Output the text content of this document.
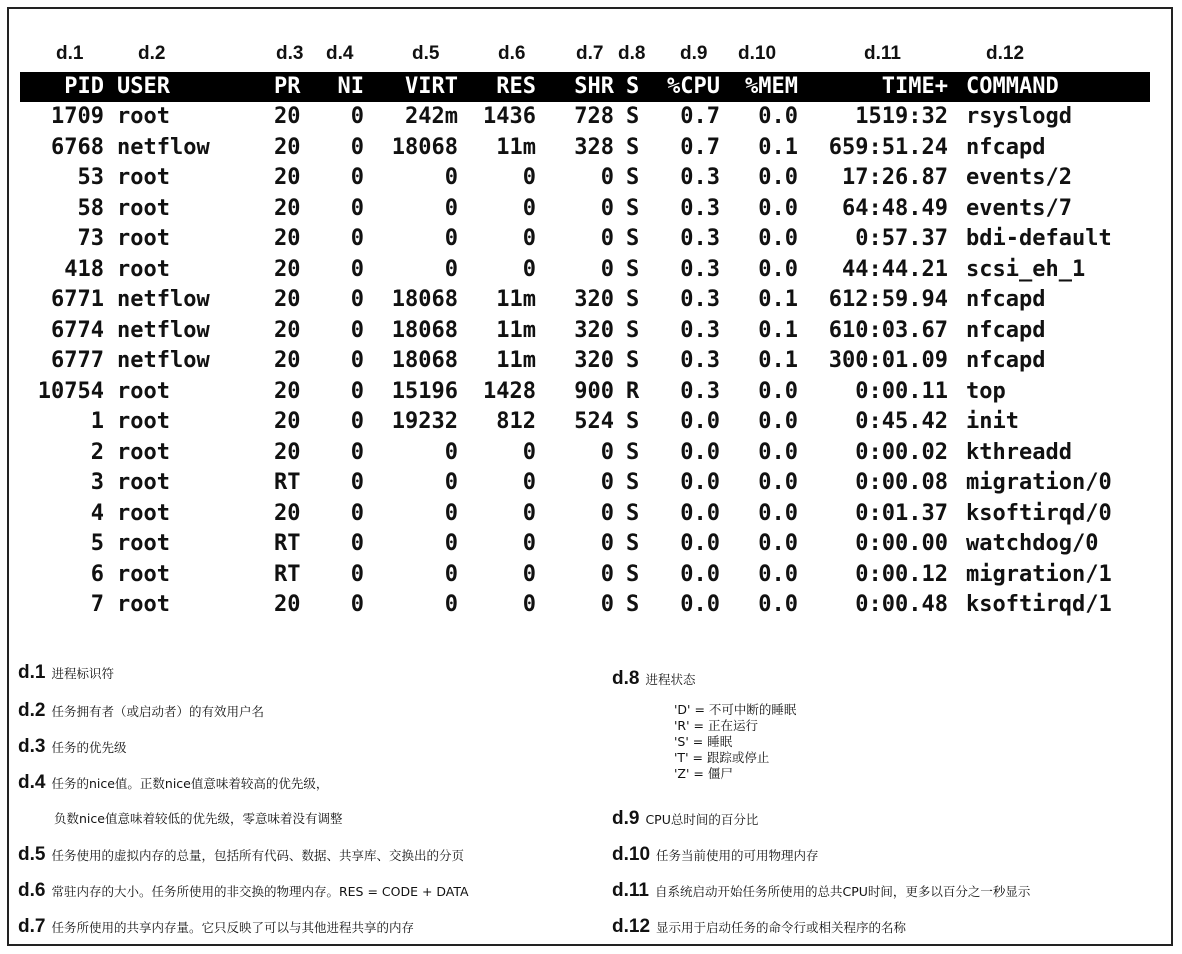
d.1	d.2	d.3 d.4	d.5	d.6	d.7 d.8 d.9 d.10	d.11	d.12
PID USER	PR	NI	VIRT	RES	SHR S	%CPU	%MEM	TIME+ COMMAND
1709 root	20	0	242m	1436	728 S	0.7	0.0	1519:32 rsyslogd
6768 netflow	20	0	18068	11m	328 S	0.7	0.1	659:51.24 nfcapd
53 root	20	0	0	0	0 S	0.3	0.0	17:26.87 events/2
58 root	20	0	0	0	0 S	0.3	0.0	64:48.49 events/7
73 root	20	0	0	0	0 S	0.3	0.0	0:57.37 bdi-default
418 root	20	0	0	0	0 S	0.3	0.0	44:44.21 scsi_eh_1
6771 netflow	20	0	18068	11m	320 S	0.3	0.1	612:59.94 nfcapd
6774 netflow	20	0	18068	11m	320 S	0.3	0.1	610:03.67 nfcapd
6777 netflow	20	0	18068	11m	320 S	0.3	0.1	300:01.09 nfcapd
10754 root	20	0	15196	1428	900 R	0.3	0.0	0:00.11 top
1 root	20	0	19232	812	524 S	0.0	0.0	0:45.42 init
2 root	20	0	0	0	0 S	0.0	0.0	0:00.02 kthreadd
3 root	RT	0	0	0	0 S	0.0	0.0	0:00.08 migration/0
4 root	20	0	0	0	0 S	0.0	0.0	0:01.37 ksoftirqd/0
5 root	RT	0	0	0	0 S	0.0	0.0	0:00.00 watchdog/0
6 root	RT	0	0	0	0 S	0.0	0.0	0:00.12 migration/1
7 root	20	0	0	0	0 S	0.0	0.0	0:00.48 ksoftirqd/1
d.1 进程标识符
d.2 任务拥有者（或启动者）的有效用户名
d.3 任务的优先级
d.4 任务的nice值。正数nice值意味着较高的优先级，
负数nice值意味着较低的优先级，零意味着没有调整
d.5 任务使用的虚拟内存的总量，包括所有代码、数据、共享库、交换出的分页
d.6 常驻内存的大小。任务所使用的非交换的物理内存。RES = CODE + DATA
d.7 任务所使用的共享内存量。它只反映了可以与其他进程共享的内存
d.8 进程状态
'D' = 不可中断的睡眠
'R' = 正在运行
'S' = 睡眠
'T' = 跟踪或停止
'Z' = 僵尸
d.9 CPU总时间的百分比
d.10 任务当前使用的可用物理内存
d.11 自系统启动开始任务所使用的总共CPU时间，更多以百分之一秒显示
d.12 显示用于启动任务的命令行或相关程序的名称
